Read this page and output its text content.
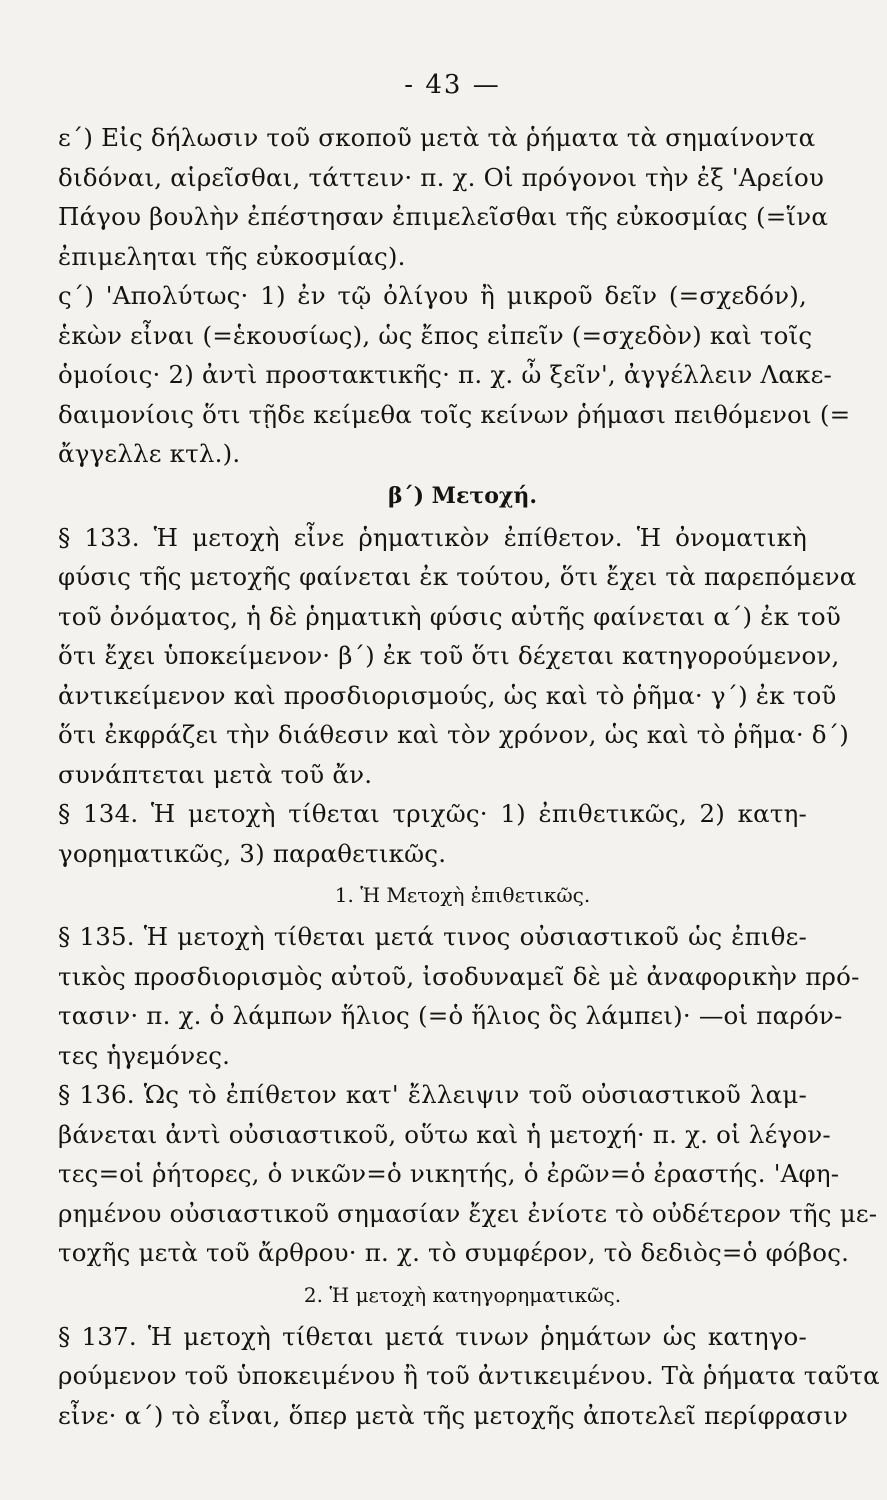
- 43 —
ε΄) Εἰς δήλωσιν τοῦ σκοποῦ μετὰ τὰ ῥήματα τὰ σημαίνοντα
διδόναι, αἱρεῖσθαι, τάττειν· π. χ. Οἱ πρόγονοι τὴν ἐξ 'Αρείου
Πάγου βουλὴν ἐπέστησαν ἐπιμελεῖσθαι τῆς εὐκοσμίας (=ἵνα
ἐπιμεληται τῆς εὐκοσμίας).
ς΄) 'Απολύτως· 1) ἐν τῷ ὀλίγου ἢ μικροῦ δεῖν (=σχεδόν),
ἑκὼν εἶναι (=ἑκουσίως), ὡς ἔπος εἰπεῖν (=σχεδὸν) καὶ τοῖς
ὁμοίοις· 2) ἀντὶ προστακτικῆς· π. χ. ὦ ξεῖν', ἀγγέλλειν Λακε-
δαιμονίοις ὅτι τῇδε κείμεθα τοῖς κείνων ῥήμασι πειθόμενοι (=
ἄγγελλε κτλ.).
β΄) Μετοχή.
§ 133. Ἡ μετοχὴ εἶνε ῥηματικὸν ἐπίθετον. Ἡ ὀνοματικὴ
φύσις τῆς μετοχῆς φαίνεται ἐκ τούτου, ὅτι ἔχει τὰ παρεπόμενα
τοῦ ὀνόματος, ἡ δὲ ῥηματικὴ φύσις αὐτῆς φαίνεται α΄) ἐκ τοῦ
ὅτι ἔχει ὑποκείμενον· β΄) ἐκ τοῦ ὅτι δέχεται κατηγορούμενον,
ἀντικείμενον καὶ προσδιορισμούς, ὡς καὶ τὸ ῥῆμα· γ΄) ἐκ τοῦ
ὅτι ἐκφράζει τὴν διάθεσιν καὶ τὸν χρόνον, ὡς καὶ τὸ ῥῆμα· δ΄)
συνάπτεται μετὰ τοῦ ἄν.
§ 134. Ἡ μετοχὴ τίθεται τριχῶς· 1) ἐπιθετικῶς, 2) κατη-
γορηματικῶς, 3) παραθετικῶς.
1. Ἡ Μετοχὴ ἐπιθετικῶς.
§ 135. Ἡ μετοχὴ τίθεται μετά τινος οὐσιαστικοῦ ὡς ἐπιθε-
τικὸς προσδιορισμὸς αὐτοῦ, ἰσοδυναμεῖ δὲ μὲ ἀναφορικὴν πρό-
τασιν· π. χ. ὁ λάμπων ἥλιος (=ὁ ἥλιος ὃς λάμπει)· —οἱ παρόν-
τες ἡγεμόνες.
§ 136. Ὡς τὸ ἐπίθετον κατ' ἔλλειψιν τοῦ οὐσιαστικοῦ λαμ-
βάνεται ἀντὶ οὐσιαστικοῦ, οὕτω καὶ ἡ μετοχή· π. χ. οἱ λέγον-
τες=οἱ ῥήτορες, ὁ νικῶν=ὁ νικητής, ὁ ἐρῶν=ὁ ἐραστής. 'Αφη-
ρημένου οὐσιαστικοῦ σημασίαν ἔχει ἐνίοτε τὸ οὐδέτερον τῆς με-
τοχῆς μετὰ τοῦ ἄρθρου· π. χ. τὸ συμφέρον, τὸ δεδιὸς=ὁ φόβος.
2. Ἡ μετοχὴ κατηγορηματικῶς.
§ 137. Ἡ μετοχὴ τίθεται μετά τινων ῥημάτων ὡς κατηγο-
ρούμενον τοῦ ὑποκειμένου ἢ τοῦ ἀντικειμένου. Τὰ ῥήματα ταῦτα
εἶνε· α΄) τὸ εἶναι, ὅπερ μετὰ τῆς μετοχῆς ἀποτελεῖ περίφρασιν
